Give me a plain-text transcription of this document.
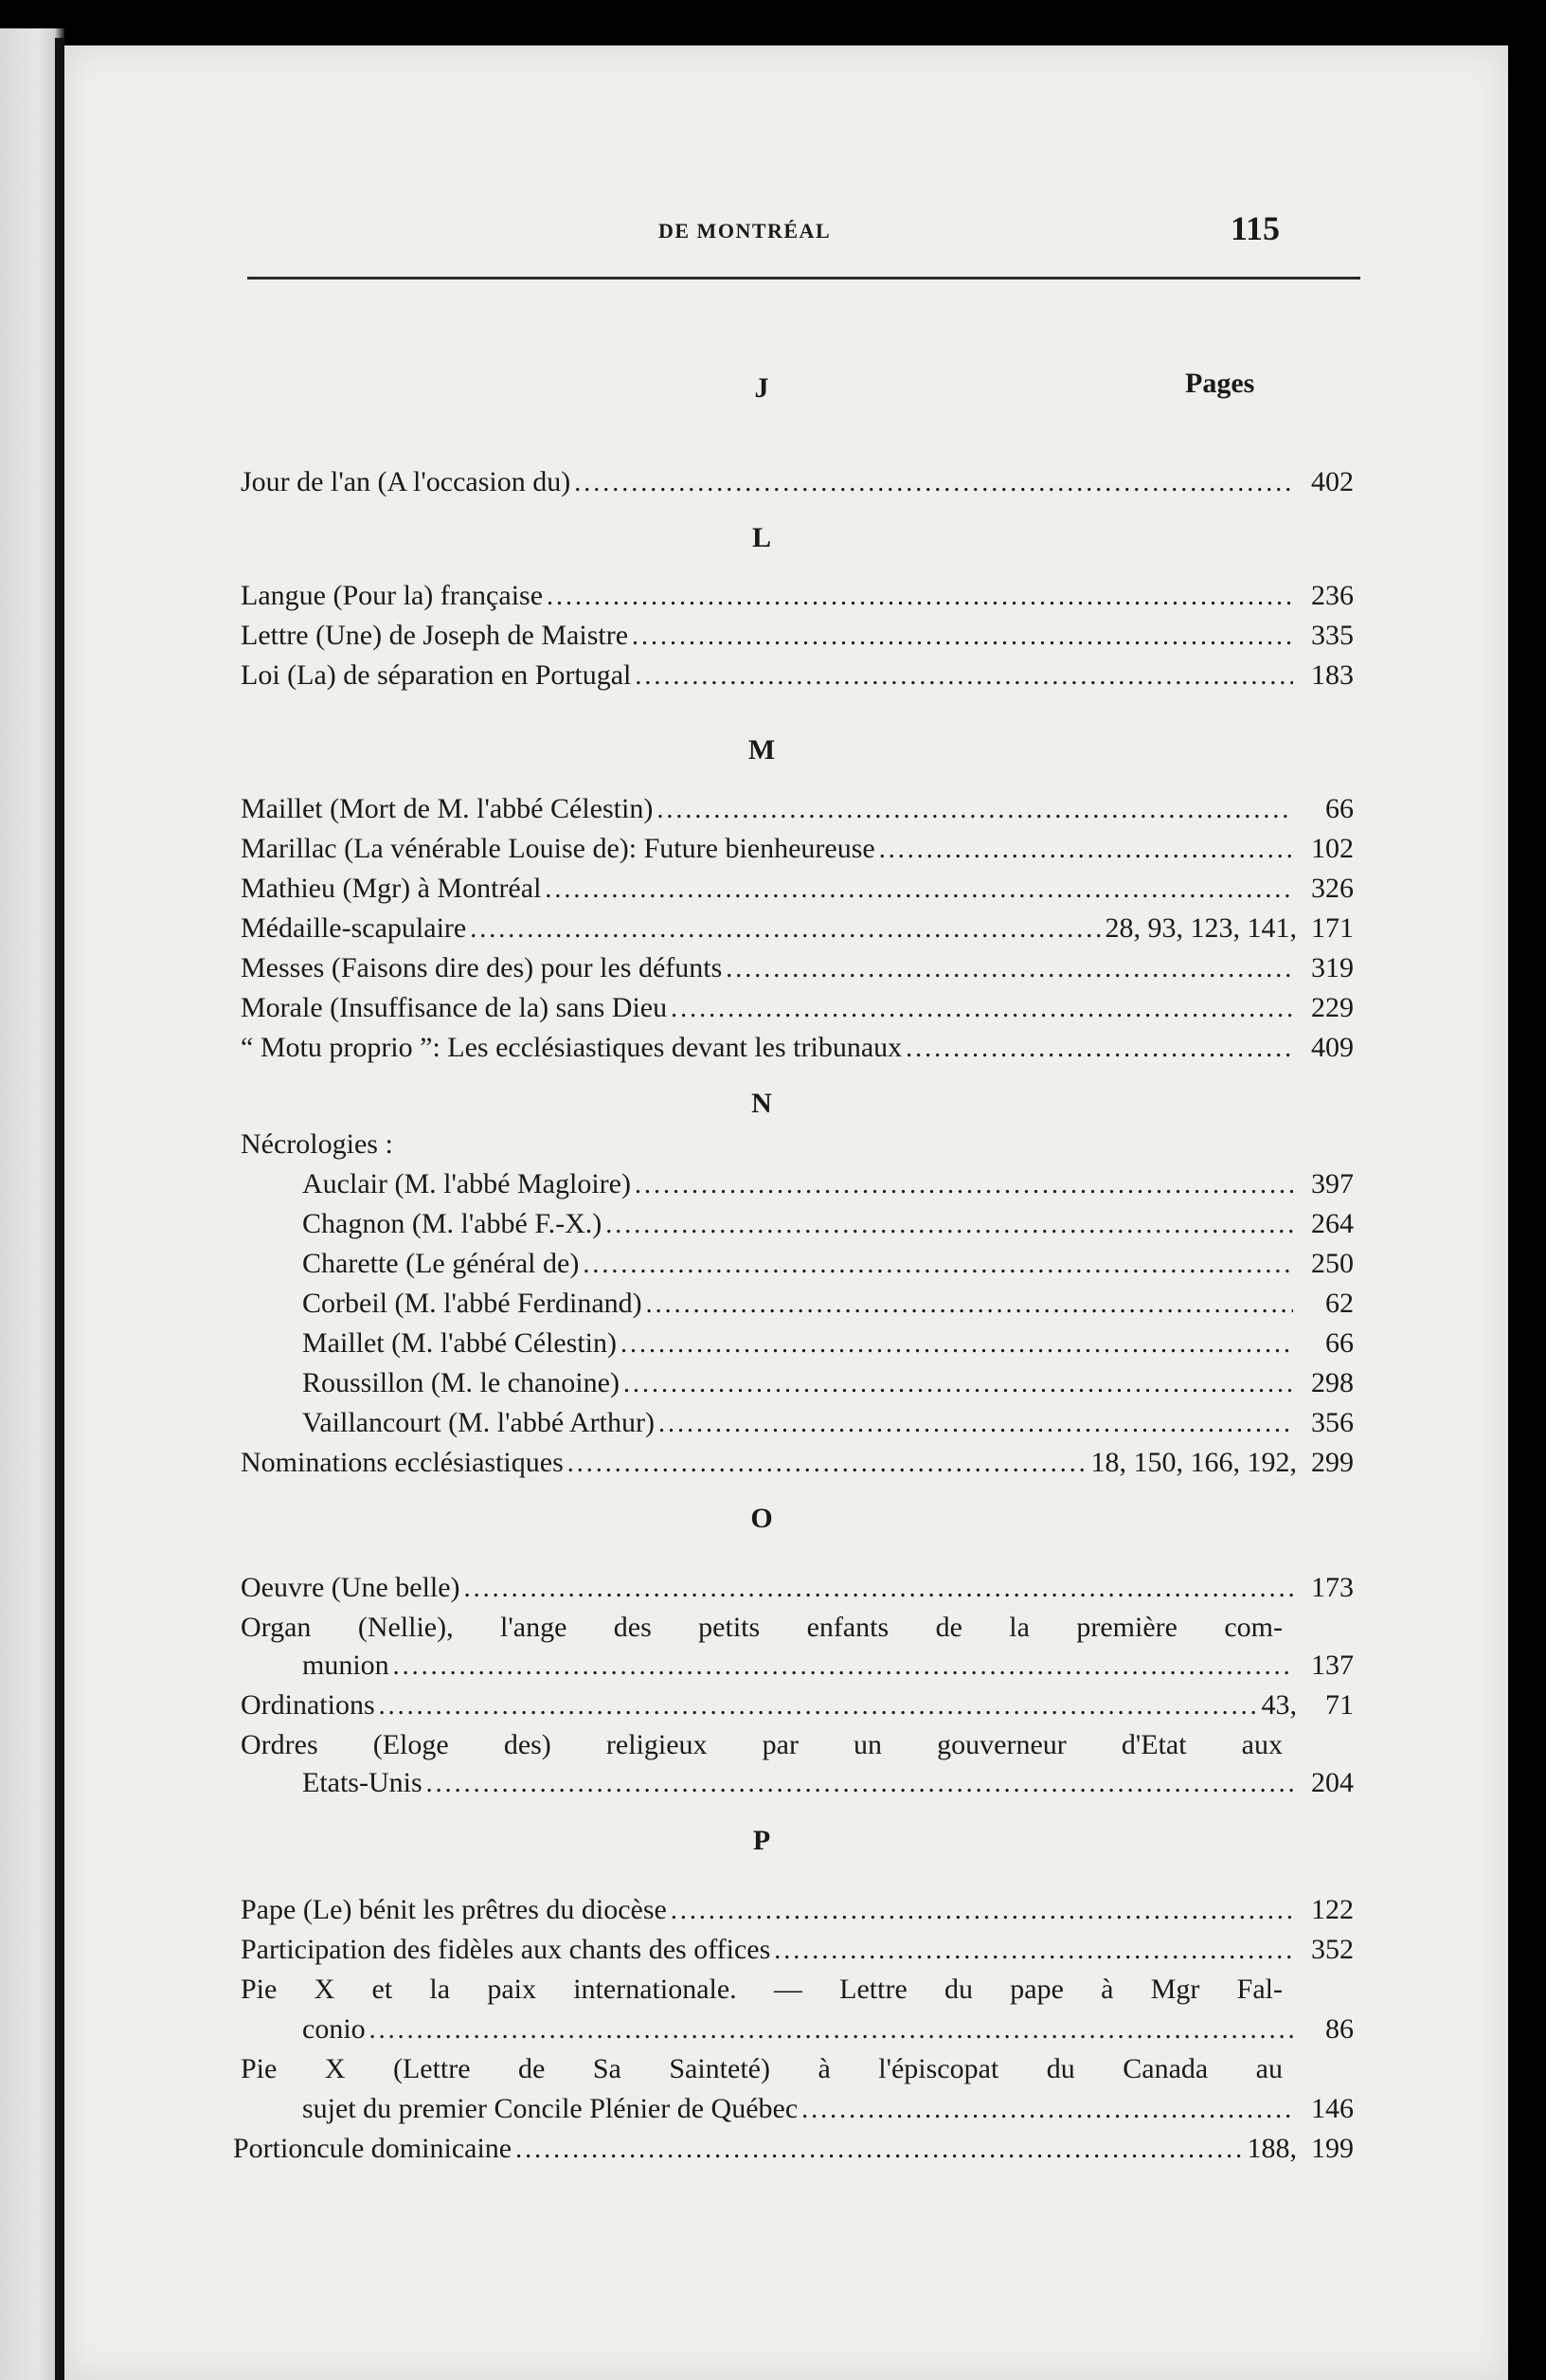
DE MONTRÉAL	115
J	Pages
Jour de l'an (A l'occasion du) .....	402
L
Langue (Pour la) française .....	236
Lettre (Une) de Joseph de Maistre .....	335
Loi (La) de séparation en Portugal .....	183
M
Maillet (Mort de M. l'abbé Célestin) .....	66
Marillac (La vénérable Louise de): Future bienheureuse .....	102
Mathieu (Mgr) à Montréal .....	326
Médaille-scapulaire .....	28, 93, 123, 141, 171
Messes (Faisons dire des) pour les défunts .....	319
Morale (Insuffisance de la) sans Dieu .....	229
“ Motu proprio ”: Les ecclésiastiques devant les tribunaux .....	409
N
Nécrologies :
Auclair (M. l'abbé Magloire) .....	397
Chagnon (M. l'abbé F.-X.) .....	264
Charette (Le général de) .....	250
Corbeil (M. l'abbé Ferdinand) .....	62
Maillet (M. l'abbé Célestin) .....	66
Roussillon (M. le chanoine) .....	298
Vaillancourt (M. l'abbé Arthur) .....	356
Nominations ecclésiastiques .....	18, 150, 166, 192, 299
O
Oeuvre (Une belle) .....	173
Organ (Nellie), l'ange des petits enfants de la première com-
munion .....	137
Ordinations .....	43,	71
Ordres (Eloge des) religieux par un gouverneur d'Etat aux
Etats-Unis .....	204
P
Pape (Le) bénit les prêtres du diocèse .....	122
Participation des fidèles aux chants des offices .....	352
Pie X et la paix internationale. — Lettre du pape à Mgr Fal-
conio .....	86
Pie X (Lettre de Sa Sainteté) à l'épiscopat du Canada au
sujet du premier Concile Plénier de Québec .....	146
Portioncule dominicaine .....	188, 199
